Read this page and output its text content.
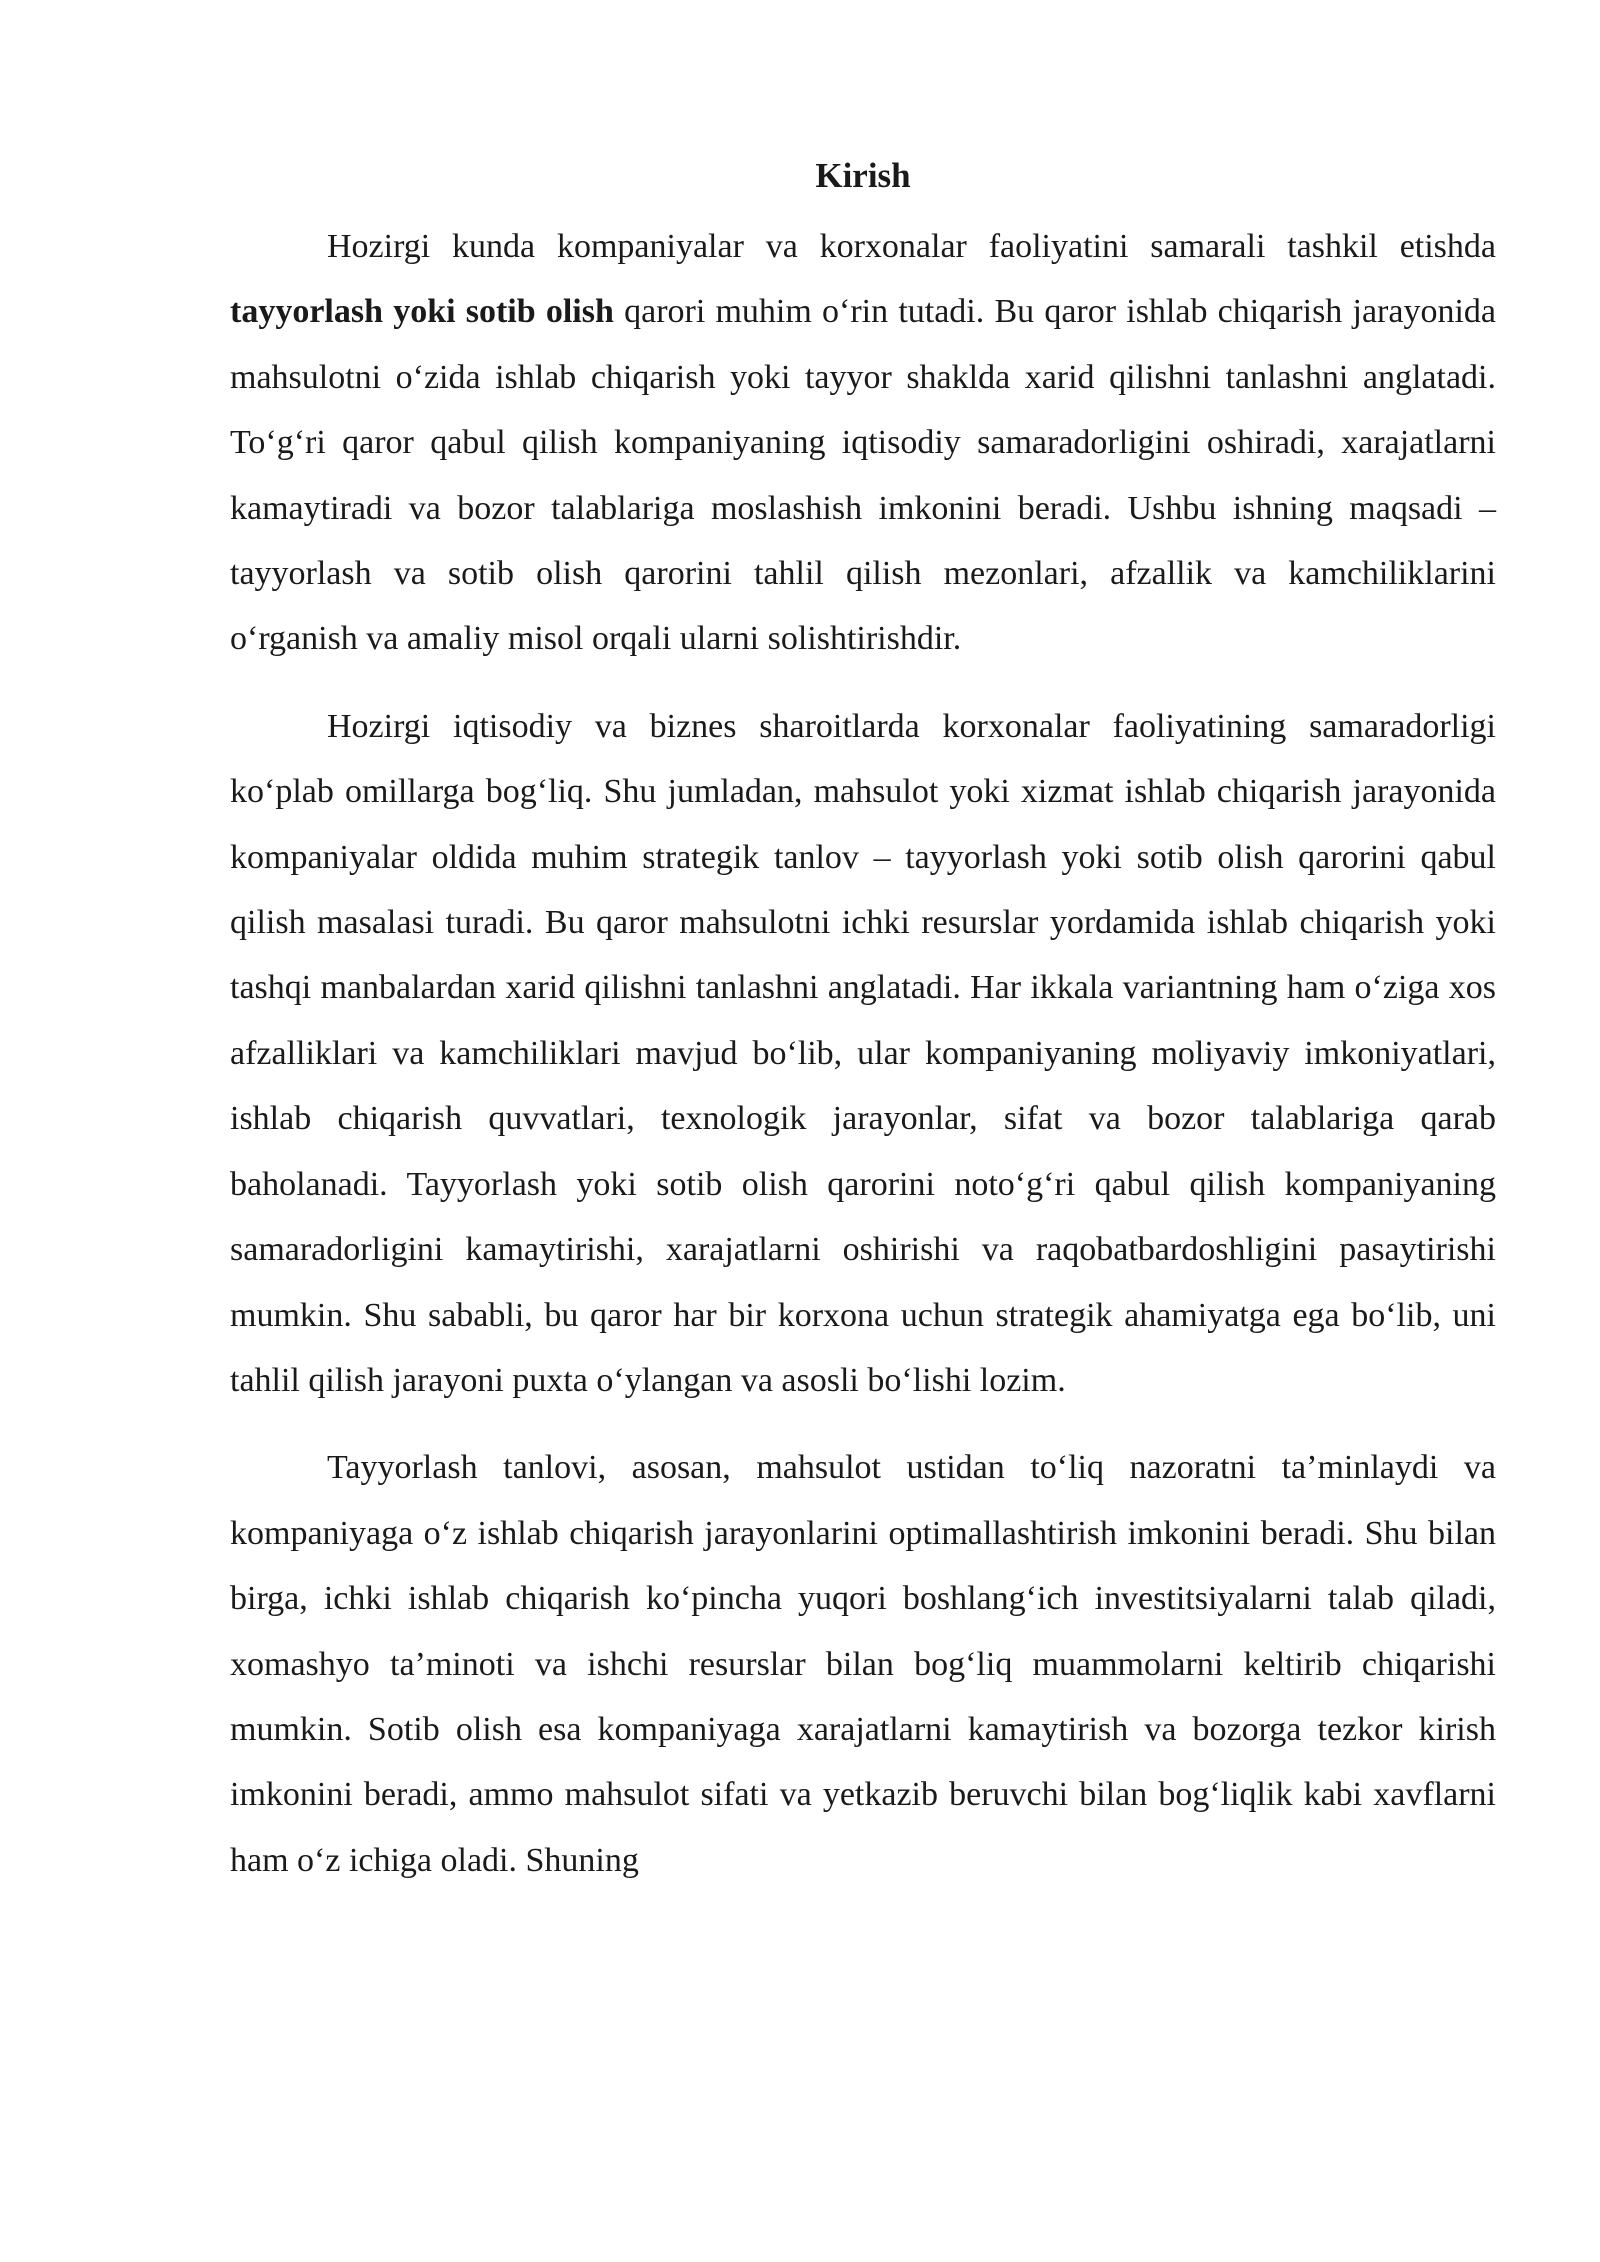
Kirish

Hozirgi kunda kompaniyalar va korxonalar faoliyatini samarali tashkil etishda tayyorlash yoki sotib olish qarori muhim o‘rin tutadi. Bu qaror ishlab chiqarish jarayonida mahsulotni o‘zida ishlab chiqarish yoki tayyor shaklda xarid qilishni tanlashni anglatadi. To‘g‘ri qaror qabul qilish kompaniyaning iqtisodiy samaradorligini oshiradi, xarajatlarni kamaytiradi va bozor talablariga moslashish imkonini beradi. Ushbu ishning maqsadi – tayyorlash va sotib olish qarorini tahlil qilish mezonlari, afzallik va kamchiliklarini o‘rganish va amaliy misol orqali ularni solishtirishdir.

Hozirgi iqtisodiy va biznes sharoitlarda korxonalar faoliyatining samaradorligi ko‘plab omillarga bog‘liq. Shu jumladan, mahsulot yoki xizmat ishlab chiqarish jarayonida kompaniyalar oldida muhim strategik tanlov – tayyorlash yoki sotib olish qarorini qabul qilish masalasi turadi. Bu qaror mahsulotni ichki resurslar yordamida ishlab chiqarish yoki tashqi manbalardan xarid qilishni tanlashni anglatadi. Har ikkala variantning ham o‘ziga xos afzalliklari va kamchiliklari mavjud bo‘lib, ular kompaniyaning moliyaviy imkoniyatlari, ishlab chiqarish quvvatlari, texnologik jarayonlar, sifat va bozor talablariga qarab baholanadi. Tayyorlash yoki sotib olish qarorini noto‘g‘ri qabul qilish kompaniyaning samaradorligini kamaytirishi, xarajatlarni oshirishi va raqobatbardoshligini pasaytirishi mumkin. Shu sababli, bu qaror har bir korxona uchun strategik ahamiyatga ega bo‘lib, uni tahlil qilish jarayoni puxta o‘ylangan va asosli bo‘lishi lozim.

Tayyorlash tanlovi, asosan, mahsulot ustidan to‘liq nazoratni ta’minlaydi va kompaniyaga o‘z ishlab chiqarish jarayonlarini optimallashtirish imkonini beradi. Shu bilan birga, ichki ishlab chiqarish ko‘pincha yuqori boshlang‘ich investitsiyalarni talab qiladi, xomashyo ta’minoti va ishchi resurslar bilan bog‘liq muammolarni keltirib chiqarishi mumkin. Sotib olish esa kompaniyaga xarajatlarni kamaytirish va bozorga tezkor kirish imkonini beradi, ammo mahsulot sifati va yetkazib beruvchi bilan bog‘liqlik kabi xavflarni ham o‘z ichiga oladi. Shuning
